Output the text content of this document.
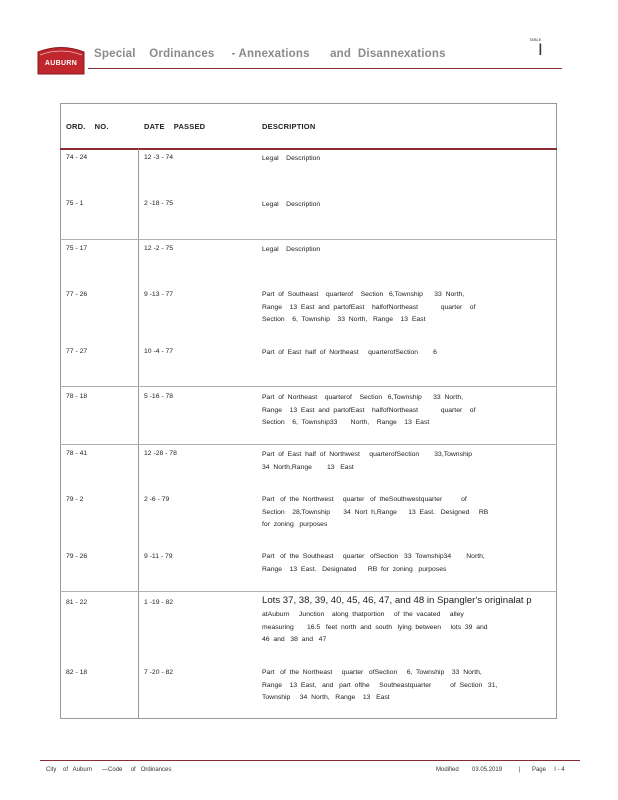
AUBURN
Special    Ordinances     - Annexations      and  Disannexations
TABLE
I
ORD.    NO.	DATE    PASSED	DESCRIPTION
74 - 24	12 -3 - 74	Legal    Description
75 - 1	2 -18 - 75	Legal    Description
75 - 17	12 -2 - 75	Legal    Description
77 - 26	9 -13 - 77	Part  of  Southeast    quarterof    Section   6,Township      33  North,
Range    13  East  and  partofEast    halfofNortheast            quarter    of
Section    6,  Township    33  North,   Range    13  East
77 - 27	10 -4 - 77	Part  of  East  half  of  Northeast     quarterofSection        6
78 - 18	5 -16 - 78	Part  of  Northeast    quarterof    Section   6,Township      33  North,
Range    13  East  and  partofEast    halfofNortheast            quarter    of
Section    6,  Township33       North,    Range    13  East
78 - 41	12 -28 - 78	Part  of  East  half  of  Northwest     quarterofSection        33,Township
34  North,Range        13   East
79 - 2	2 -6 - 79	Part   of  the  Northwest     quarter   of  theSouthwestquarter          of
Section    28,Township       34  Nort  h,Range      13  East.   Designed     RB
for  zoning   purposes
79 - 26	9 -11 - 79	Part   of  the  Southeast     quarter   ofSection   33  Township34        North,
Range    13  East.   Designated      RB  for  zoning   purposes
81 - 22	1 -19 - 82	Lots 37, 38, 39, 40, 45, 46, 47, and 48 in Spangler's originalat p
atAuburn     Junction    along  thatportion     of  the  vacated     alley
measuring       16.5   feet  north  and  south   lying  between     lots  39  and
46  and   38  and   47
82 - 18	7 -20 - 82	Part   of  the  Northeast     quarter   ofSection     6,  Township    33  North,
Range    13  East,   and   part  ofthe     Southeastquarter          of  Section   31,
Township     34  North,   Range    13   East
City    of   Auburn      —Code     of   Ordinances	Modified        03.05.2019          |       Page     I - 4
